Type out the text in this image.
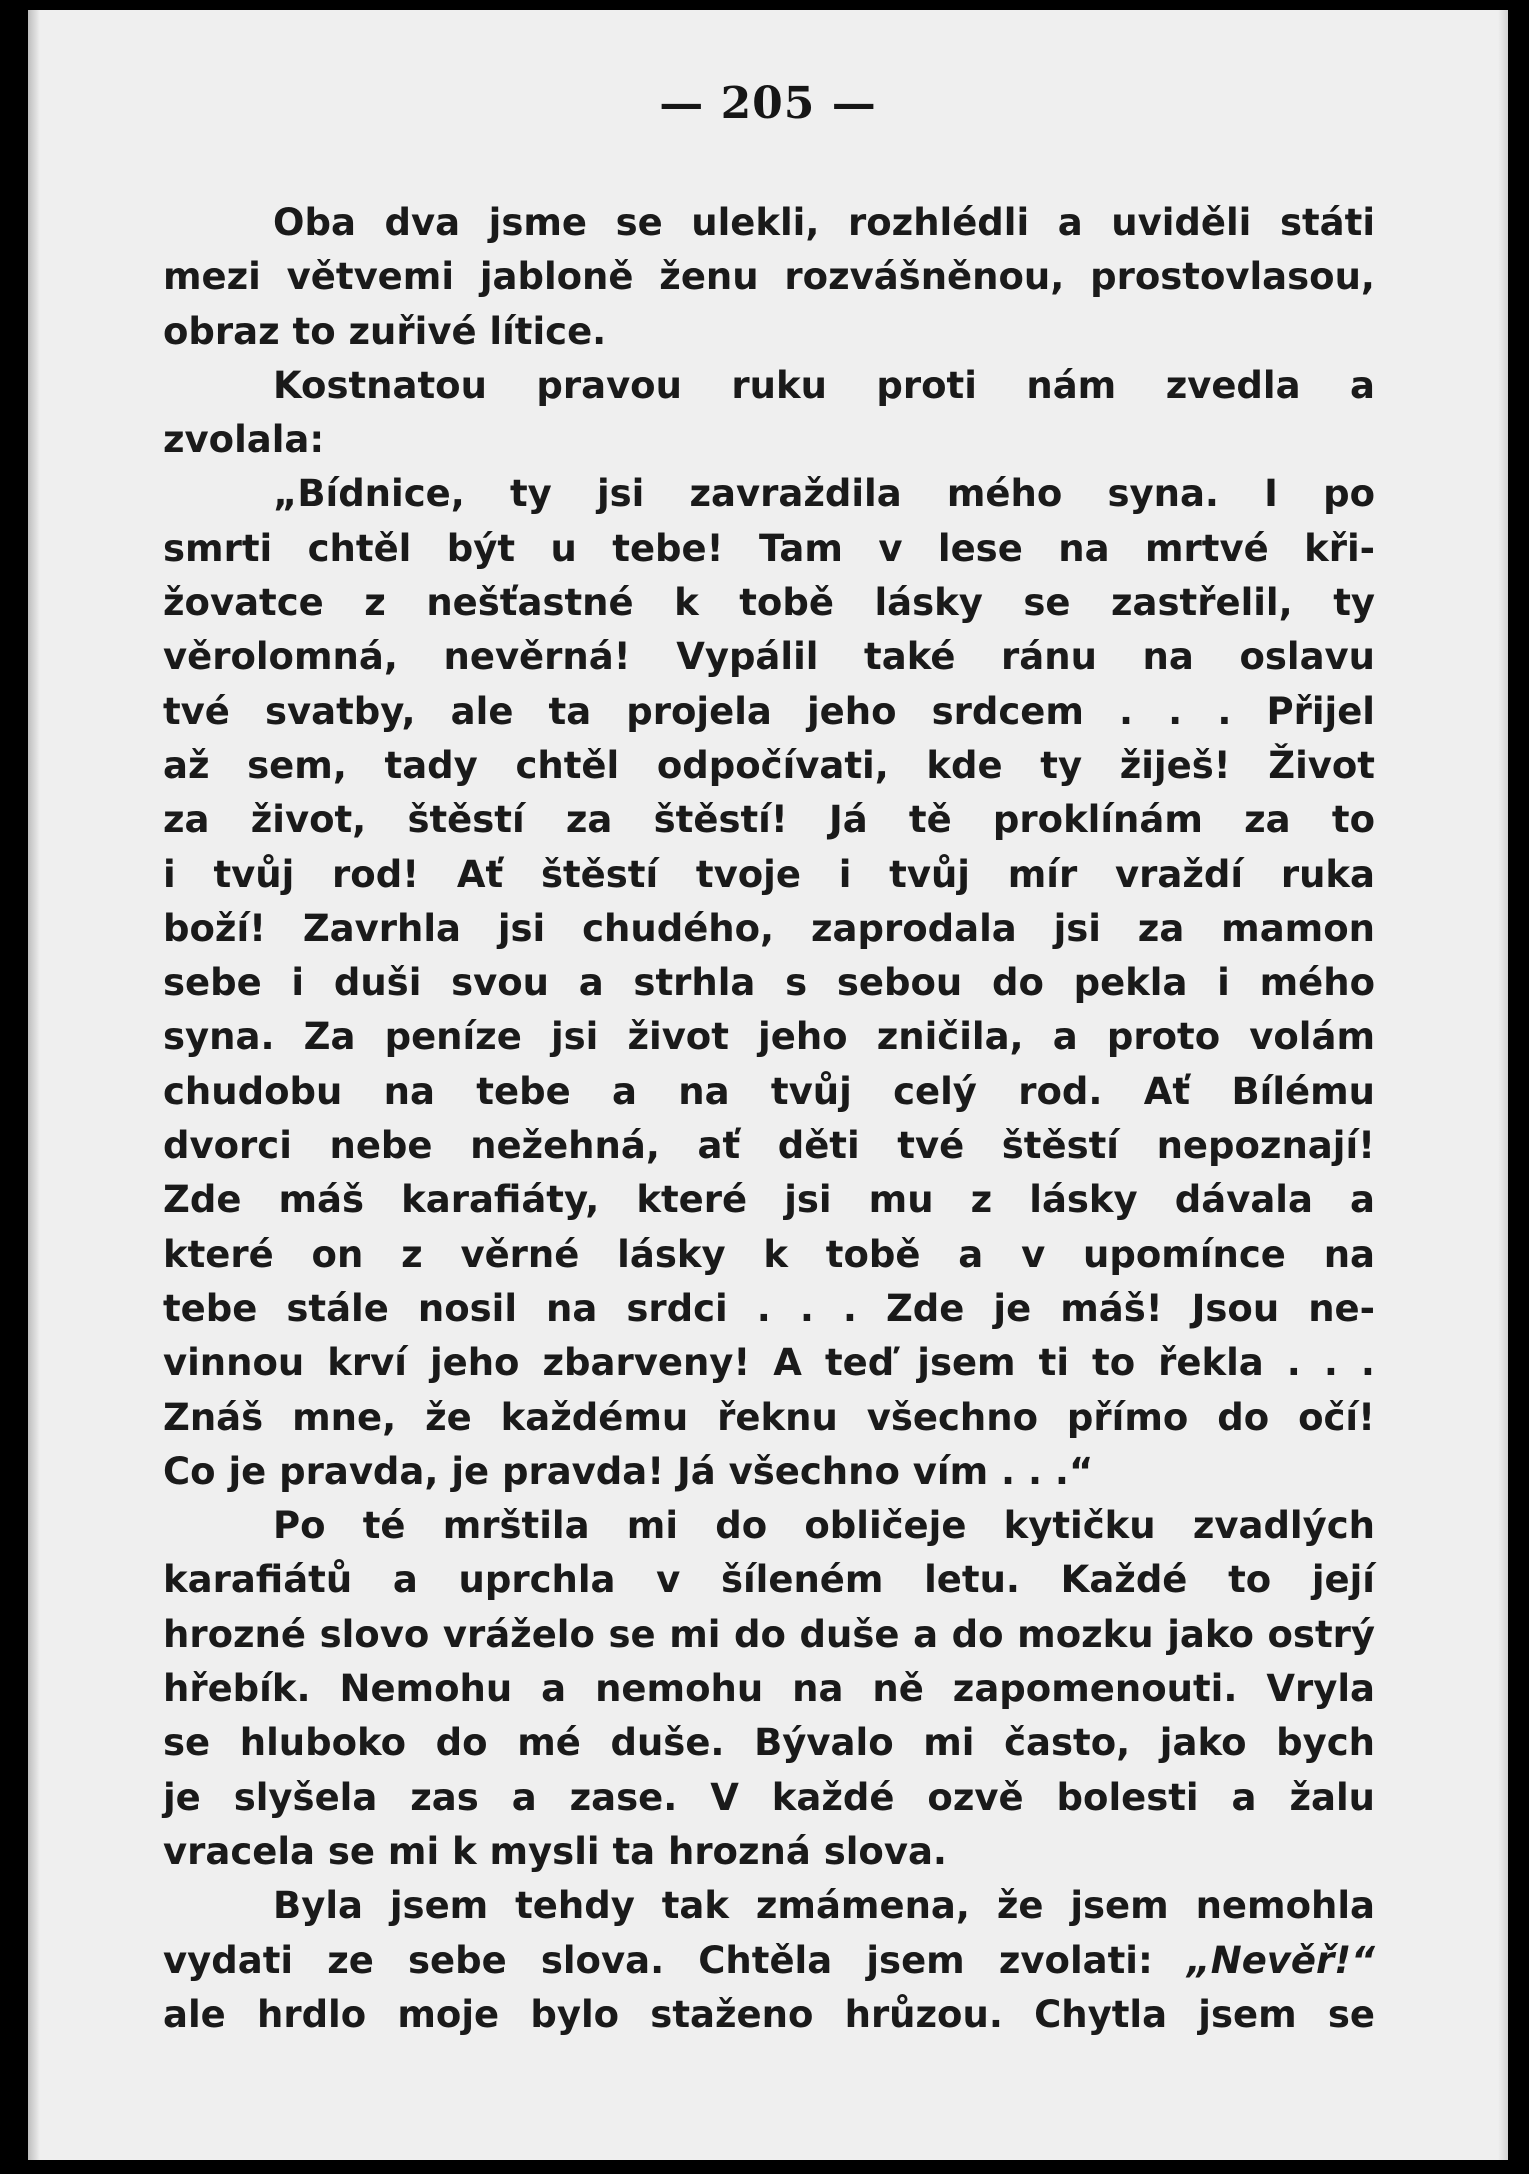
— 205 —
Oba dva jsme se ulekli, rozhlédli a uviděli státi
mezi větvemi jabloně ženu rozvášněnou, prostovlasou,
obraz to zuřivé lítice.
Kostnatou pravou ruku proti nám zvedla a
zvolala:
„Bídnice, ty jsi zavraždila mého syna. I po
smrti chtěl být u tebe! Tam v lese na mrtvé kři-
žovatce z nešťastné k tobě lásky se zastřelil, ty
věrolomná, nevěrná! Vypálil také ránu na oslavu
tvé svatby, ale ta projela jeho srdcem . . . Přijel
až sem, tady chtěl odpočívati, kde ty žiješ! Život
za život, štěstí za štěstí! Já tě proklínám za to
i tvůj rod! Ať štěstí tvoje i tvůj mír vraždí ruka
boží! Zavrhla jsi chudého, zaprodala jsi za mamon
sebe i duši svou a strhla s sebou do pekla i mého
syna. Za peníze jsi život jeho zničila, a proto volám
chudobu na tebe a na tvůj celý rod. Ať Bílému
dvorci nebe nežehná, ať děti tvé štěstí nepoznají!
Zde máš karafiáty, které jsi mu z lásky dávala a
které on z věrné lásky k tobě a v upomínce na
tebe stále nosil na srdci . . . Zde je máš! Jsou ne-
vinnou krví jeho zbarveny! A teď jsem ti to řekla . . .
Znáš mne, že každému řeknu všechno přímo do očí!
Co je pravda, je pravda! Já všechno vím . . .“
Po té mrštila mi do obličeje kytičku zvadlých
karafiátů a uprchla v šíleném letu. Každé to její
hrozné slovo vráželo se mi do duše a do mozku jako ostrý
hřebík. Nemohu a nemohu na ně zapomenouti. Vryla
se hluboko do mé duše. Bývalo mi často, jako bych
je slyšela zas a zase. V každé ozvě bolesti a žalu
vracela se mi k mysli ta hrozná slova.
Byla jsem tehdy tak zmámena, že jsem nemohla
vydati ze sebe slova. Chtěla jsem zvolati: „Nevěř!“
ale hrdlo moje bylo staženo hrůzou. Chytla jsem se
